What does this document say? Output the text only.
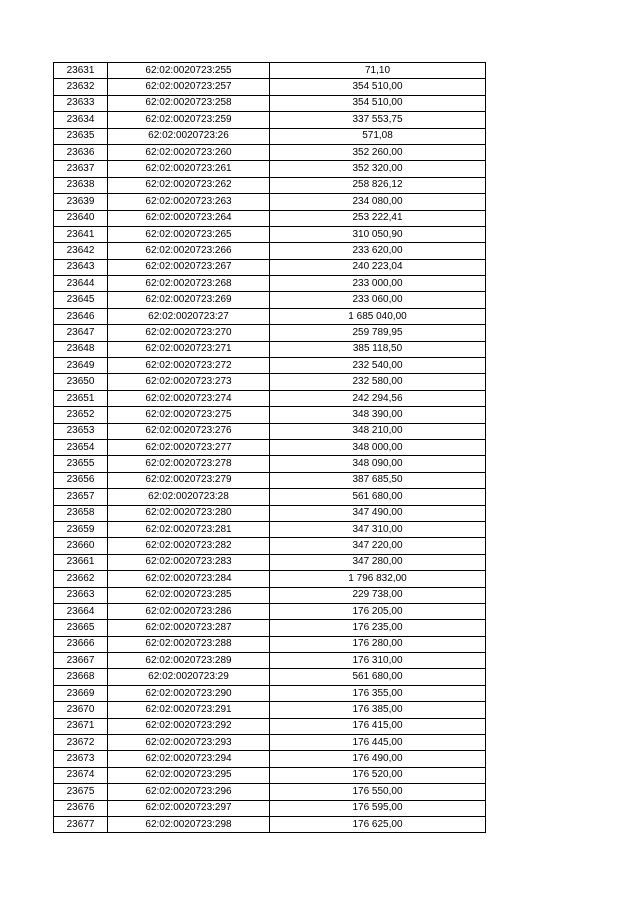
23631	62:02:0020723:255	71,10
23632	62:02:0020723:257	354 510,00
23633	62:02:0020723:258	354 510,00
23634	62:02:0020723:259	337 553,75
23635	62:02:0020723:26	571,08
23636	62:02:0020723:260	352 260,00
23637	62:02:0020723:261	352 320,00
23638	62:02:0020723:262	258 826,12
23639	62:02:0020723:263	234 080,00
23640	62:02:0020723:264	253 222,41
23641	62:02:0020723:265	310 050,90
23642	62:02:0020723:266	233 620,00
23643	62:02:0020723:267	240 223,04
23644	62:02:0020723:268	233 000,00
23645	62:02:0020723:269	233 060,00
23646	62:02:0020723:27	1 685 040,00
23647	62:02:0020723:270	259 789,95
23648	62:02:0020723:271	385 118,50
23649	62:02:0020723:272	232 540,00
23650	62:02:0020723:273	232 580,00
23651	62:02:0020723:274	242 294,56
23652	62:02:0020723:275	348 390,00
23653	62:02:0020723:276	348 210,00
23654	62:02:0020723:277	348 000,00
23655	62:02:0020723:278	348 090,00
23656	62:02:0020723:279	387 685,50
23657	62:02:0020723:28	561 680,00
23658	62:02:0020723:280	347 490,00
23659	62:02:0020723:281	347 310,00
23660	62:02:0020723:282	347 220,00
23661	62:02:0020723:283	347 280,00
23662	62:02:0020723:284	1 796 832,00
23663	62:02:0020723:285	229 738,00
23664	62:02:0020723:286	176 205,00
23665	62:02:0020723:287	176 235,00
23666	62:02:0020723:288	176 280,00
23667	62:02:0020723:289	176 310,00
23668	62:02:0020723:29	561 680,00
23669	62:02:0020723:290	176 355,00
23670	62:02:0020723:291	176 385,00
23671	62:02:0020723:292	176 415,00
23672	62:02:0020723:293	176 445,00
23673	62:02:0020723:294	176 490,00
23674	62:02:0020723:295	176 520,00
23675	62:02:0020723:296	176 550,00
23676	62:02:0020723:297	176 595,00
23677	62:02:0020723:298	176 625,00
